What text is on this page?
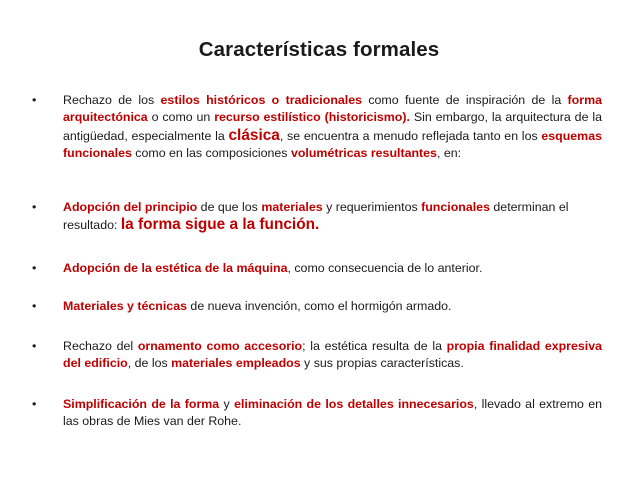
Características formales
•	Rechazo de los estilos históricos o tradicionales como fuente de inspiración de la forma arquitectónica o como un recurso estilístico (historicismo). Sin embargo, la arquitectura de la antigüedad, especialmente la clásica, se encuentra a menudo reflejada tanto en los esquemas funcionales como en las composiciones volumétricas resultantes, en:
•	Adopción del principio de que los materiales y requerimientos funcionales determinan el resultado: la forma sigue a la función.
•	Adopción de la estética de la máquina, como consecuencia de lo anterior.
•	Materiales y técnicas de nueva invención, como el hormigón armado.
•	Rechazo del ornamento como accesorio; la estética resulta de la propia finalidad expresiva del edificio, de los materiales empleados y sus propias características.
•	Simplificación de la forma y eliminación de los detalles innecesarios, llevado al extremo en las obras de Mies van der Rohe.
